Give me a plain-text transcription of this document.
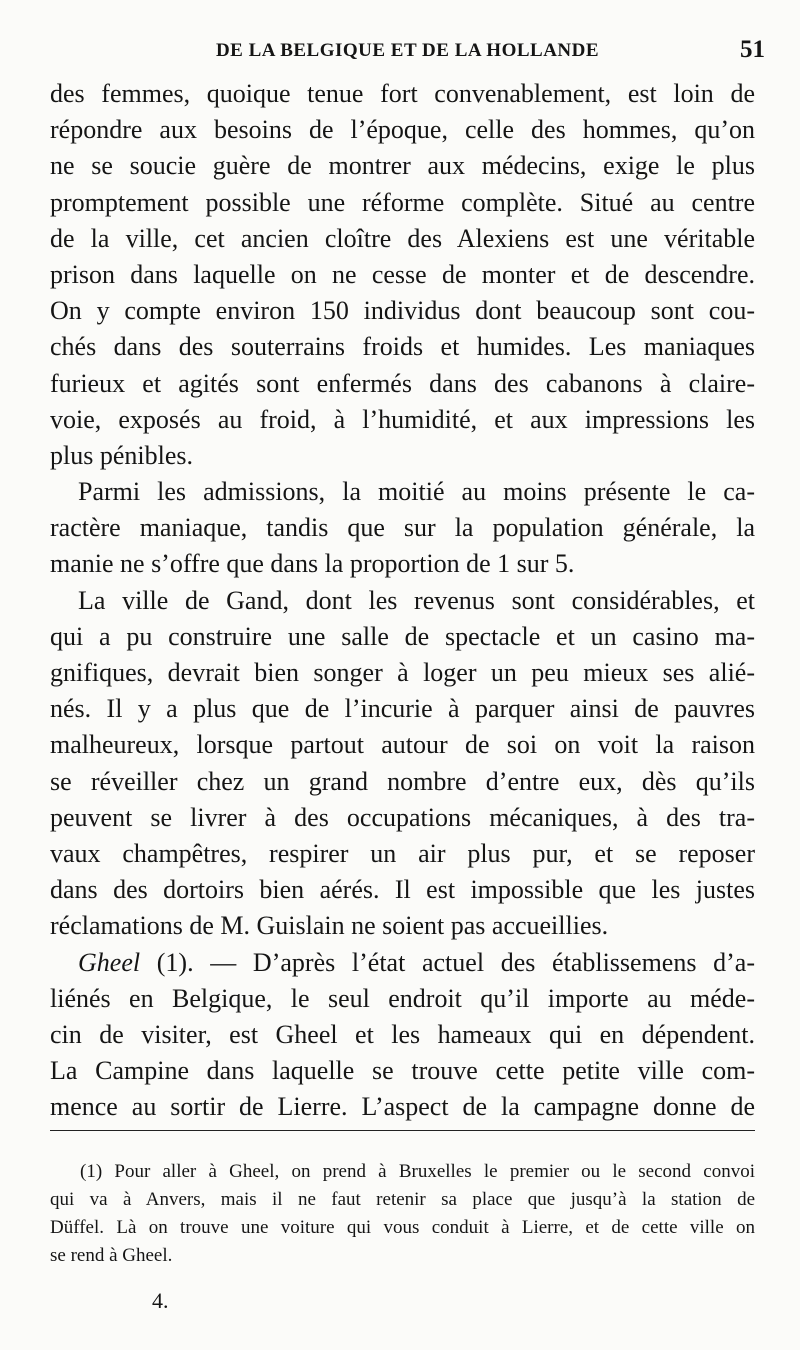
DE LA BELGIQUE ET DE LA HOLLANDE	51
des femmes, quoique tenue fort convenablement, est loin de
répondre aux besoins de l’époque, celle des hommes, qu’on
ne se soucie guère de montrer aux médecins, exige le plus
promptement possible une réforme complète. Situé au centre
de la ville, cet ancien cloître des Alexiens est une véritable
prison dans laquelle on ne cesse de monter et de descendre.
On y compte environ 150 individus dont beaucoup sont cou-
chés dans des souterrains froids et humides. Les maniaques
furieux et agités sont enfermés dans des cabanons à claire-
voie, exposés au froid, à l’humidité, et aux impressions les
plus pénibles.
Parmi les admissions, la moitié au moins présente le ca-
ractère maniaque, tandis que sur la population générale, la
manie ne s’offre que dans la proportion de 1 sur 5.
La ville de Gand, dont les revenus sont considérables, et
qui a pu construire une salle de spectacle et un casino ma-
gnifiques, devrait bien songer à loger un peu mieux ses alié-
nés. Il y a plus que de l’incurie à parquer ainsi de pauvres
malheureux, lorsque partout autour de soi on voit la raison
se réveiller chez un grand nombre d’entre eux, dès qu’ils
peuvent se livrer à des occupations mécaniques, à des tra-
vaux champêtres, respirer un air plus pur, et se reposer
dans des dortoirs bien aérés. Il est impossible que les justes
réclamations de M. Guislain ne soient pas accueillies.
Gheel (1). — D’après l’état actuel des établissemens d’a-
liénés en Belgique, le seul endroit qu’il importe au méde-
cin de visiter, est Gheel et les hameaux qui en dépendent.
La Campine dans laquelle se trouve cette petite ville com-
mence au sortir de Lierre. L’aspect de la campagne donne de
(1) Pour aller à Gheel, on prend à Bruxelles le premier ou le second convoi
qui va à Anvers, mais il ne faut retenir sa place que jusqu’à la station de
Düffel. Là on trouve une voiture qui vous conduit à Lierre, et de cette ville on
se rend à Gheel.
4.
